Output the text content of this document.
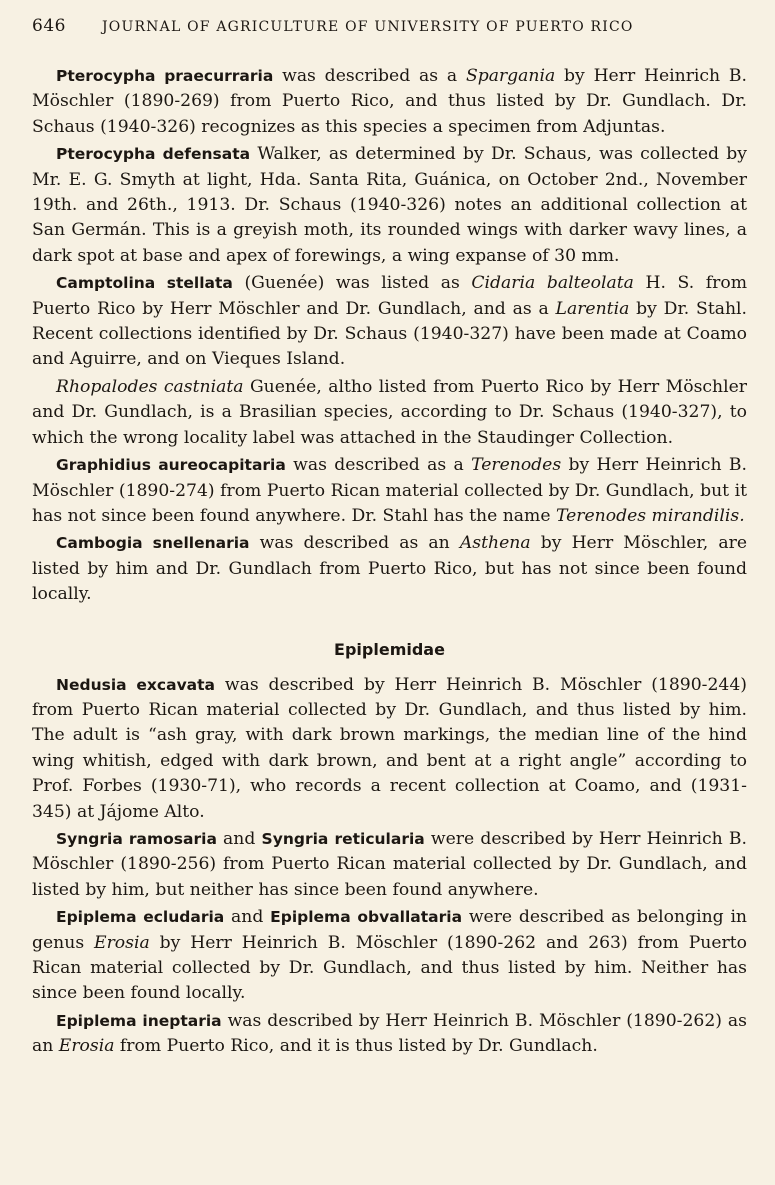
646	JOURNAL OF AGRICULTURE OF UNIVERSITY OF PUERTO RICO

Pterocypha praecurraria was described as a Spargania by Herr Heinrich B. Möschler (1890-269) from Puerto Rico, and thus listed by Dr. Gundlach. Dr. Schaus (1940-326) recognizes as this species a specimen from Adjuntas.

Pterocypha defensata Walker, as determined by Dr. Schaus, was collected by Mr. E. G. Smyth at light, Hda. Santa Rita, Guánica, on October 2nd., November 19th. and 26th., 1913. Dr. Schaus (1940-326) notes an additional collection at San Germán. This is a greyish moth, its rounded wings with darker wavy lines, a dark spot at base and apex of forewings, a wing expanse of 30 mm.

Camptolina stellata (Guenée) was listed as Cidaria balteolata H. S. from Puerto Rico by Herr Möschler and Dr. Gundlach, and as a Larentia by Dr. Stahl. Recent collections identified by Dr. Schaus (1940-327) have been made at Coamo and Aguirre, and on Vieques Island.

Rhopalodes castniata Guenée, altho listed from Puerto Rico by Herr Möschler and Dr. Gundlach, is a Brasilian species, according to Dr. Schaus (1940-327), to which the wrong locality label was attached in the Staudinger Collection.

Graphidius aureocapitaria was described as a Terenodes by Herr Heinrich B. Möschler (1890-274) from Puerto Rican material collected by Dr. Gundlach, but it has not since been found anywhere. Dr. Stahl has the name Terenodes mirandilis.

Cambogia snellenaria was described as an Asthena by Herr Möschler, are listed by him and Dr. Gundlach from Puerto Rico, but has not since been found locally.

Epiplemidae

Nedusia excavata was described by Herr Heinrich B. Möschler (1890-244) from Puerto Rican material collected by Dr. Gundlach, and thus listed by him. The adult is “ash gray, with dark brown markings, the median line of the hind wing whitish, edged with dark brown, and bent at a right angle” according to Prof. Forbes (1930-71), who records a recent collection at Coamo, and (1931-345) at Jájome Alto.

Syngria ramosaria and Syngria reticularia were described by Herr Heinrich B. Möschler (1890-256) from Puerto Rican material collected by Dr. Gundlach, and listed by him, but neither has since been found anywhere.

Epiplema ecludaria and Epiplema obvallataria were described as belonging in genus Erosia by Herr Heinrich B. Möschler (1890-262 and 263) from Puerto Rican material collected by Dr. Gundlach, and thus listed by him. Neither has since been found locally.

Epiplema ineptaria was described by Herr Heinrich B. Möschler (1890-262) as an Erosia from Puerto Rico, and it is thus listed by Dr. Gundlach.
